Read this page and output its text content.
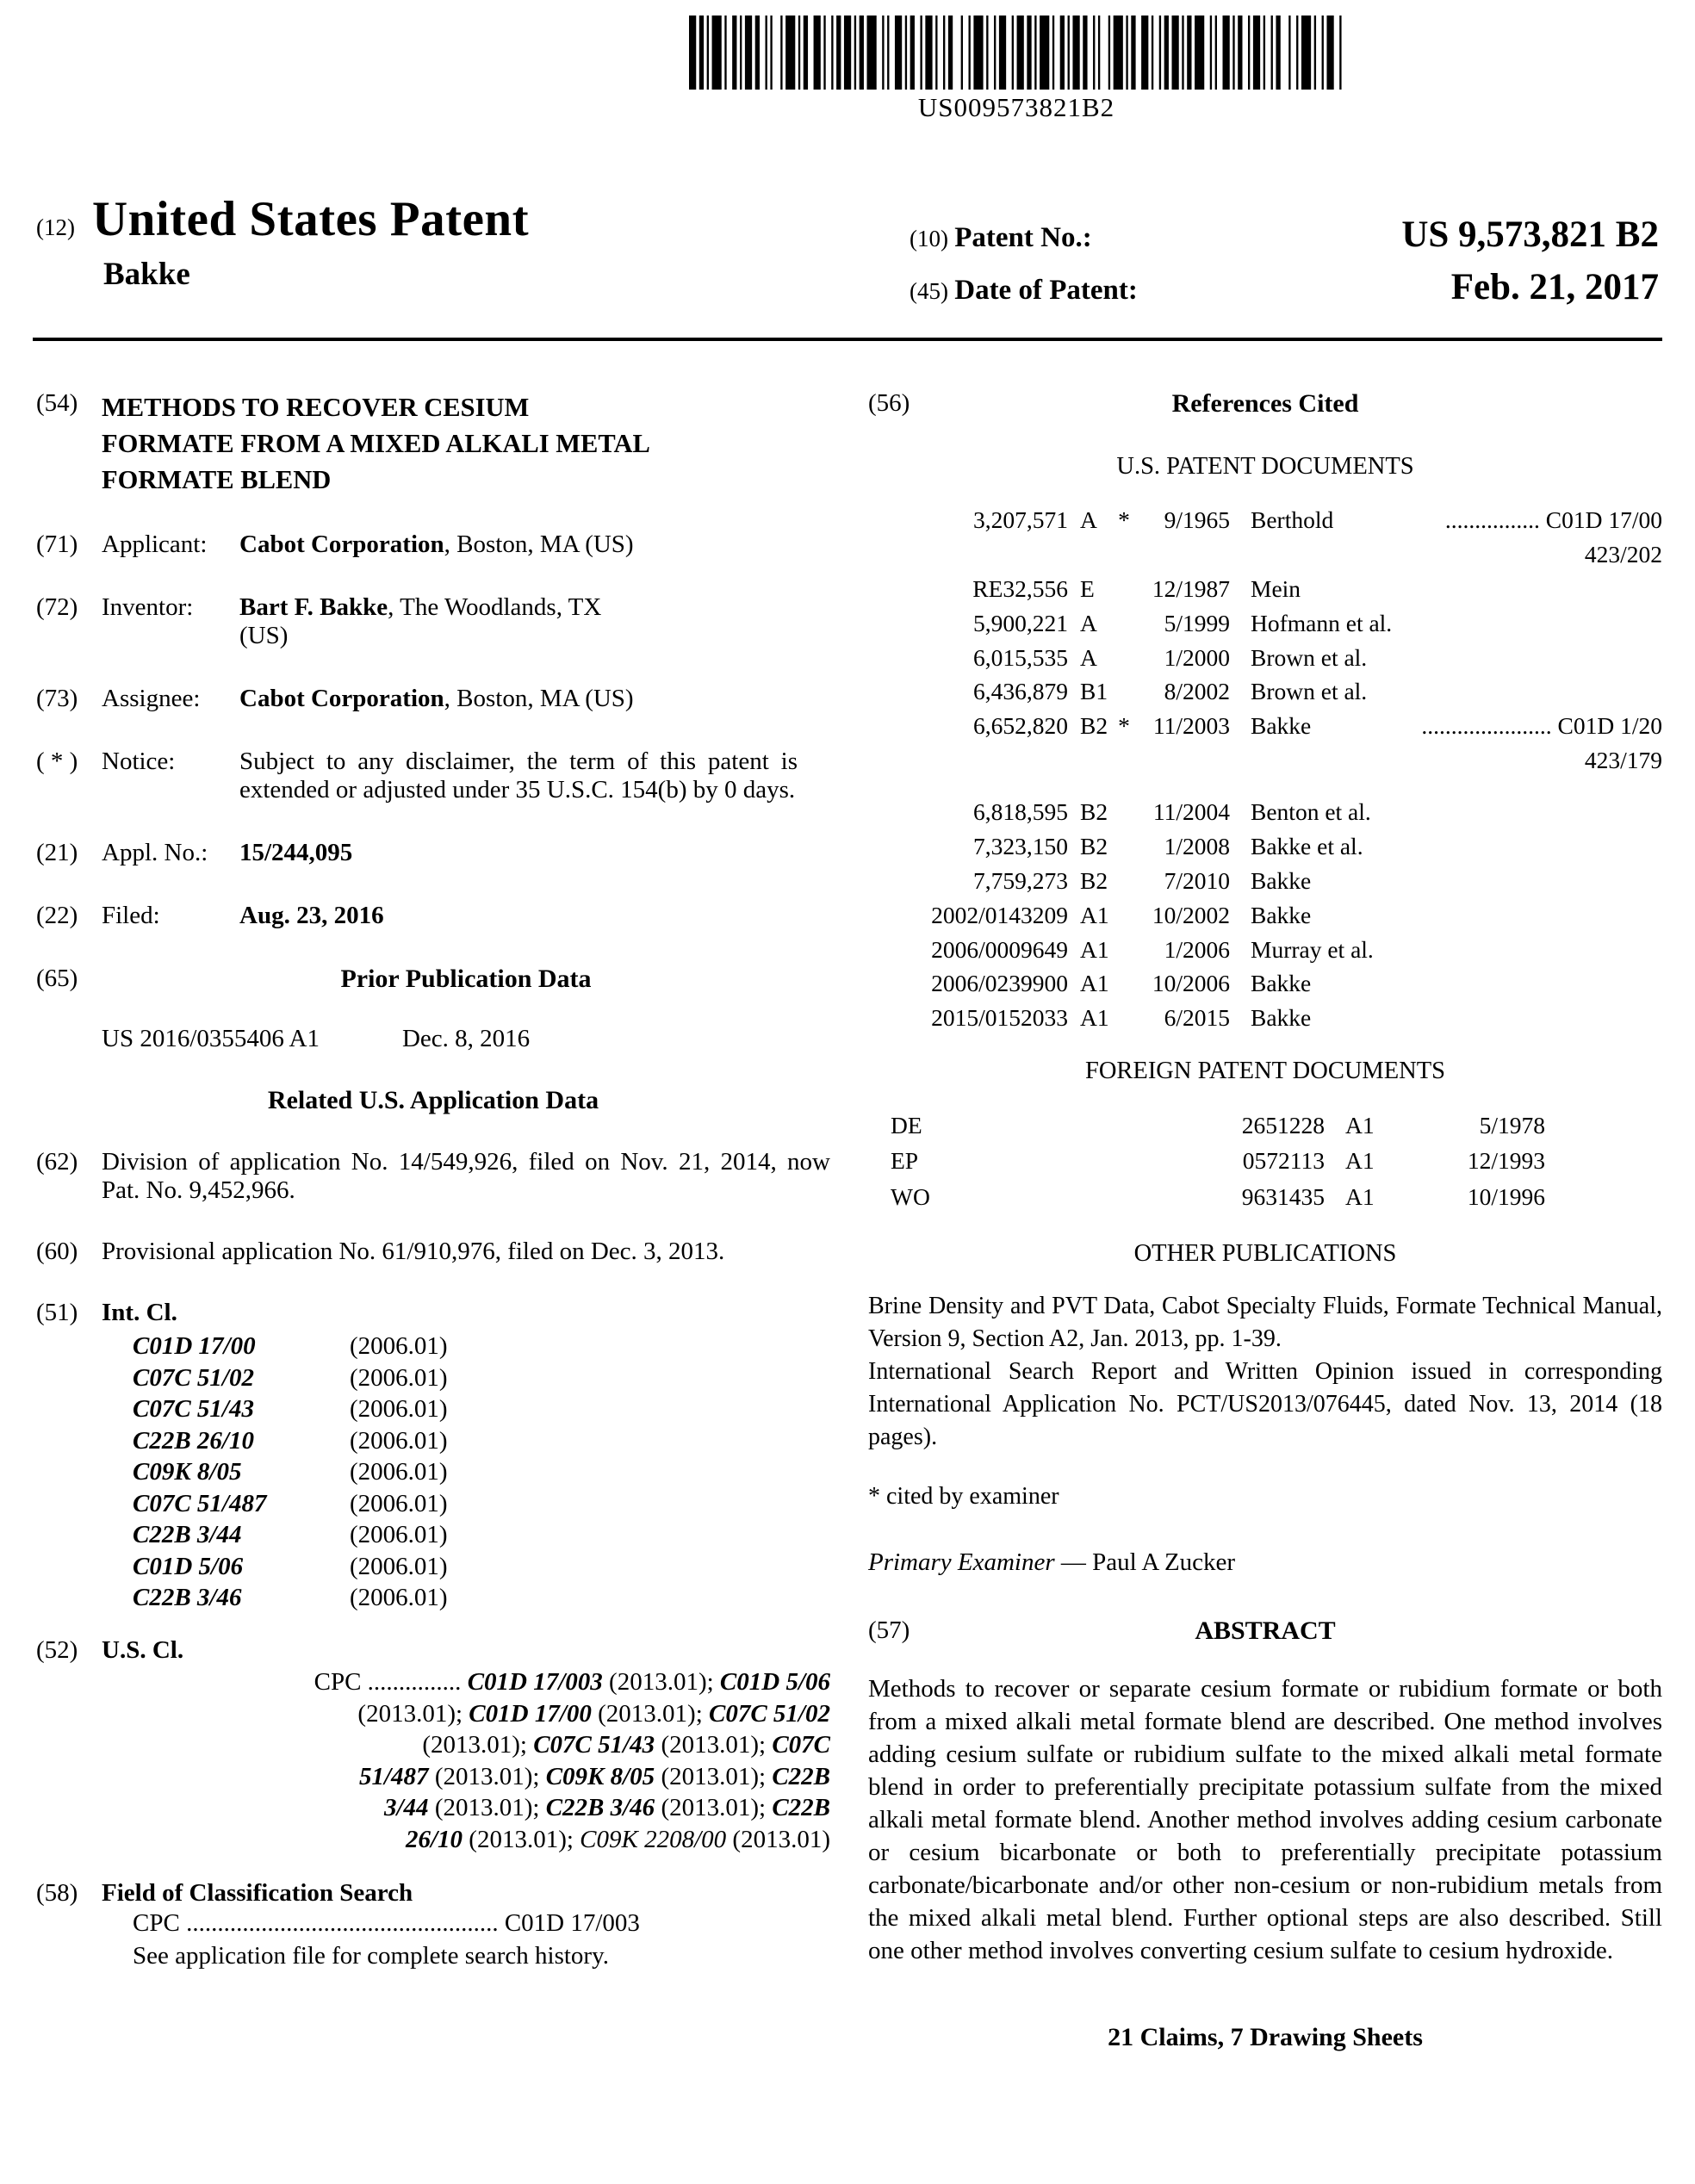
US009573821B2
(12) United States Patent
Bakke
(10) Patent No.:	US 9,573,821 B2
(45) Date of Patent:	Feb. 21, 2017
(54) METHODS TO RECOVER CESIUM
FORMATE FROM A MIXED ALKALI METAL
FORMATE BLEND
(71) Applicant:	Cabot Corporation, Boston, MA (US)
(72) Inventor:	Bart F. Bakke, The Woodlands, TX
(US)
(73) Assignee:	Cabot Corporation, Boston, MA (US)
( * ) Notice:	Subject to any disclaimer, the term of this patent is extended or adjusted under 35 U.S.C. 154(b) by 0 days.
(21) Appl. No.:	15/244,095
(22) Filed:	Aug. 23, 2016
(65)	Prior Publication Data
US 2016/0355406 A1	Dec. 8, 2016
Related U.S. Application Data
(62) Division of application No. 14/549,926, filed on Nov. 21, 2014, now Pat. No. 9,452,966.
(60) Provisional application No. 61/910,976, filed on Dec. 3, 2013.
(51) Int. Cl.
C01D 17/00	(2006.01)
C07C 51/02	(2006.01)
C07C 51/43	(2006.01)
C22B 26/10	(2006.01)
C09K 8/05	(2006.01)
C07C 51/487	(2006.01)
C22B 3/44	(2006.01)
C01D 5/06	(2006.01)
C22B 3/46	(2006.01)
(52) U.S. Cl.
CPC ............... C01D 17/003 (2013.01); C01D 5/06
(2013.01); C01D 17/00 (2013.01); C07C 51/02
(2013.01); C07C 51/43 (2013.01); C07C
51/487 (2013.01); C09K 8/05 (2013.01); C22B
3/44 (2013.01); C22B 3/46 (2013.01); C22B
26/10 (2013.01); C09K 2208/00 (2013.01)
(58) Field of Classification Search
CPC .................................................. C01D 17/003
See application file for complete search history.
(56)	References Cited
U.S. PATENT DOCUMENTS
3,207,571 A *	9/1965 Berthold	................ C01D 17/00
423/202
RE32,556 E	12/1987 Mein
5,900,221 A	5/1999 Hofmann et al.
6,015,535 A	1/2000 Brown et al.
6,436,879 B1	8/2002 Brown et al.
6,652,820 B2 * 11/2003 Bakke	...................... C01D 1/20
423/179
6,818,595 B2	11/2004 Benton et al.
7,323,150 B2	1/2008 Bakke et al.
7,759,273 B2	7/2010 Bakke
2002/0143209 A1	10/2002 Bakke
2006/0009649 A1	1/2006 Murray et al.
2006/0239900 A1	10/2006 Bakke
2015/0152033 A1	6/2015 Bakke
FOREIGN PATENT DOCUMENTS
DE	2651228 A1	5/1978
EP	0572113 A1	12/1993
WO	9631435 A1	10/1996
OTHER PUBLICATIONS

Brine Density and PVT Data, Cabot Specialty Fluids, Formate Technical Manual, Version 9, Section A2, Jan. 2013, pp. 1-39.

International Search Report and Written Opinion issued in corresponding International Application No. PCT/US2013/076445, dated Nov. 13, 2014 (18 pages).

* cited by examiner
Primary Examiner — Paul A Zucker
(57)	ABSTRACT
Methods to recover or separate cesium formate or rubidium formate or both from a mixed alkali metal formate blend are described. One method involves adding cesium sulfate or rubidium sulfate to the mixed alkali metal formate blend in order to preferentially precipitate potassium sulfate from the mixed alkali metal formate blend. Another method involves adding cesium carbonate or cesium bicarbonate or both to preferentially precipitate potassium carbonate/bicarbonate and/or other non-cesium or non-rubidium metals from the mixed alkali metal blend. Further optional steps are also described. Still one other method involves converting cesium sulfate to cesium hydroxide.
21 Claims, 7 Drawing Sheets
